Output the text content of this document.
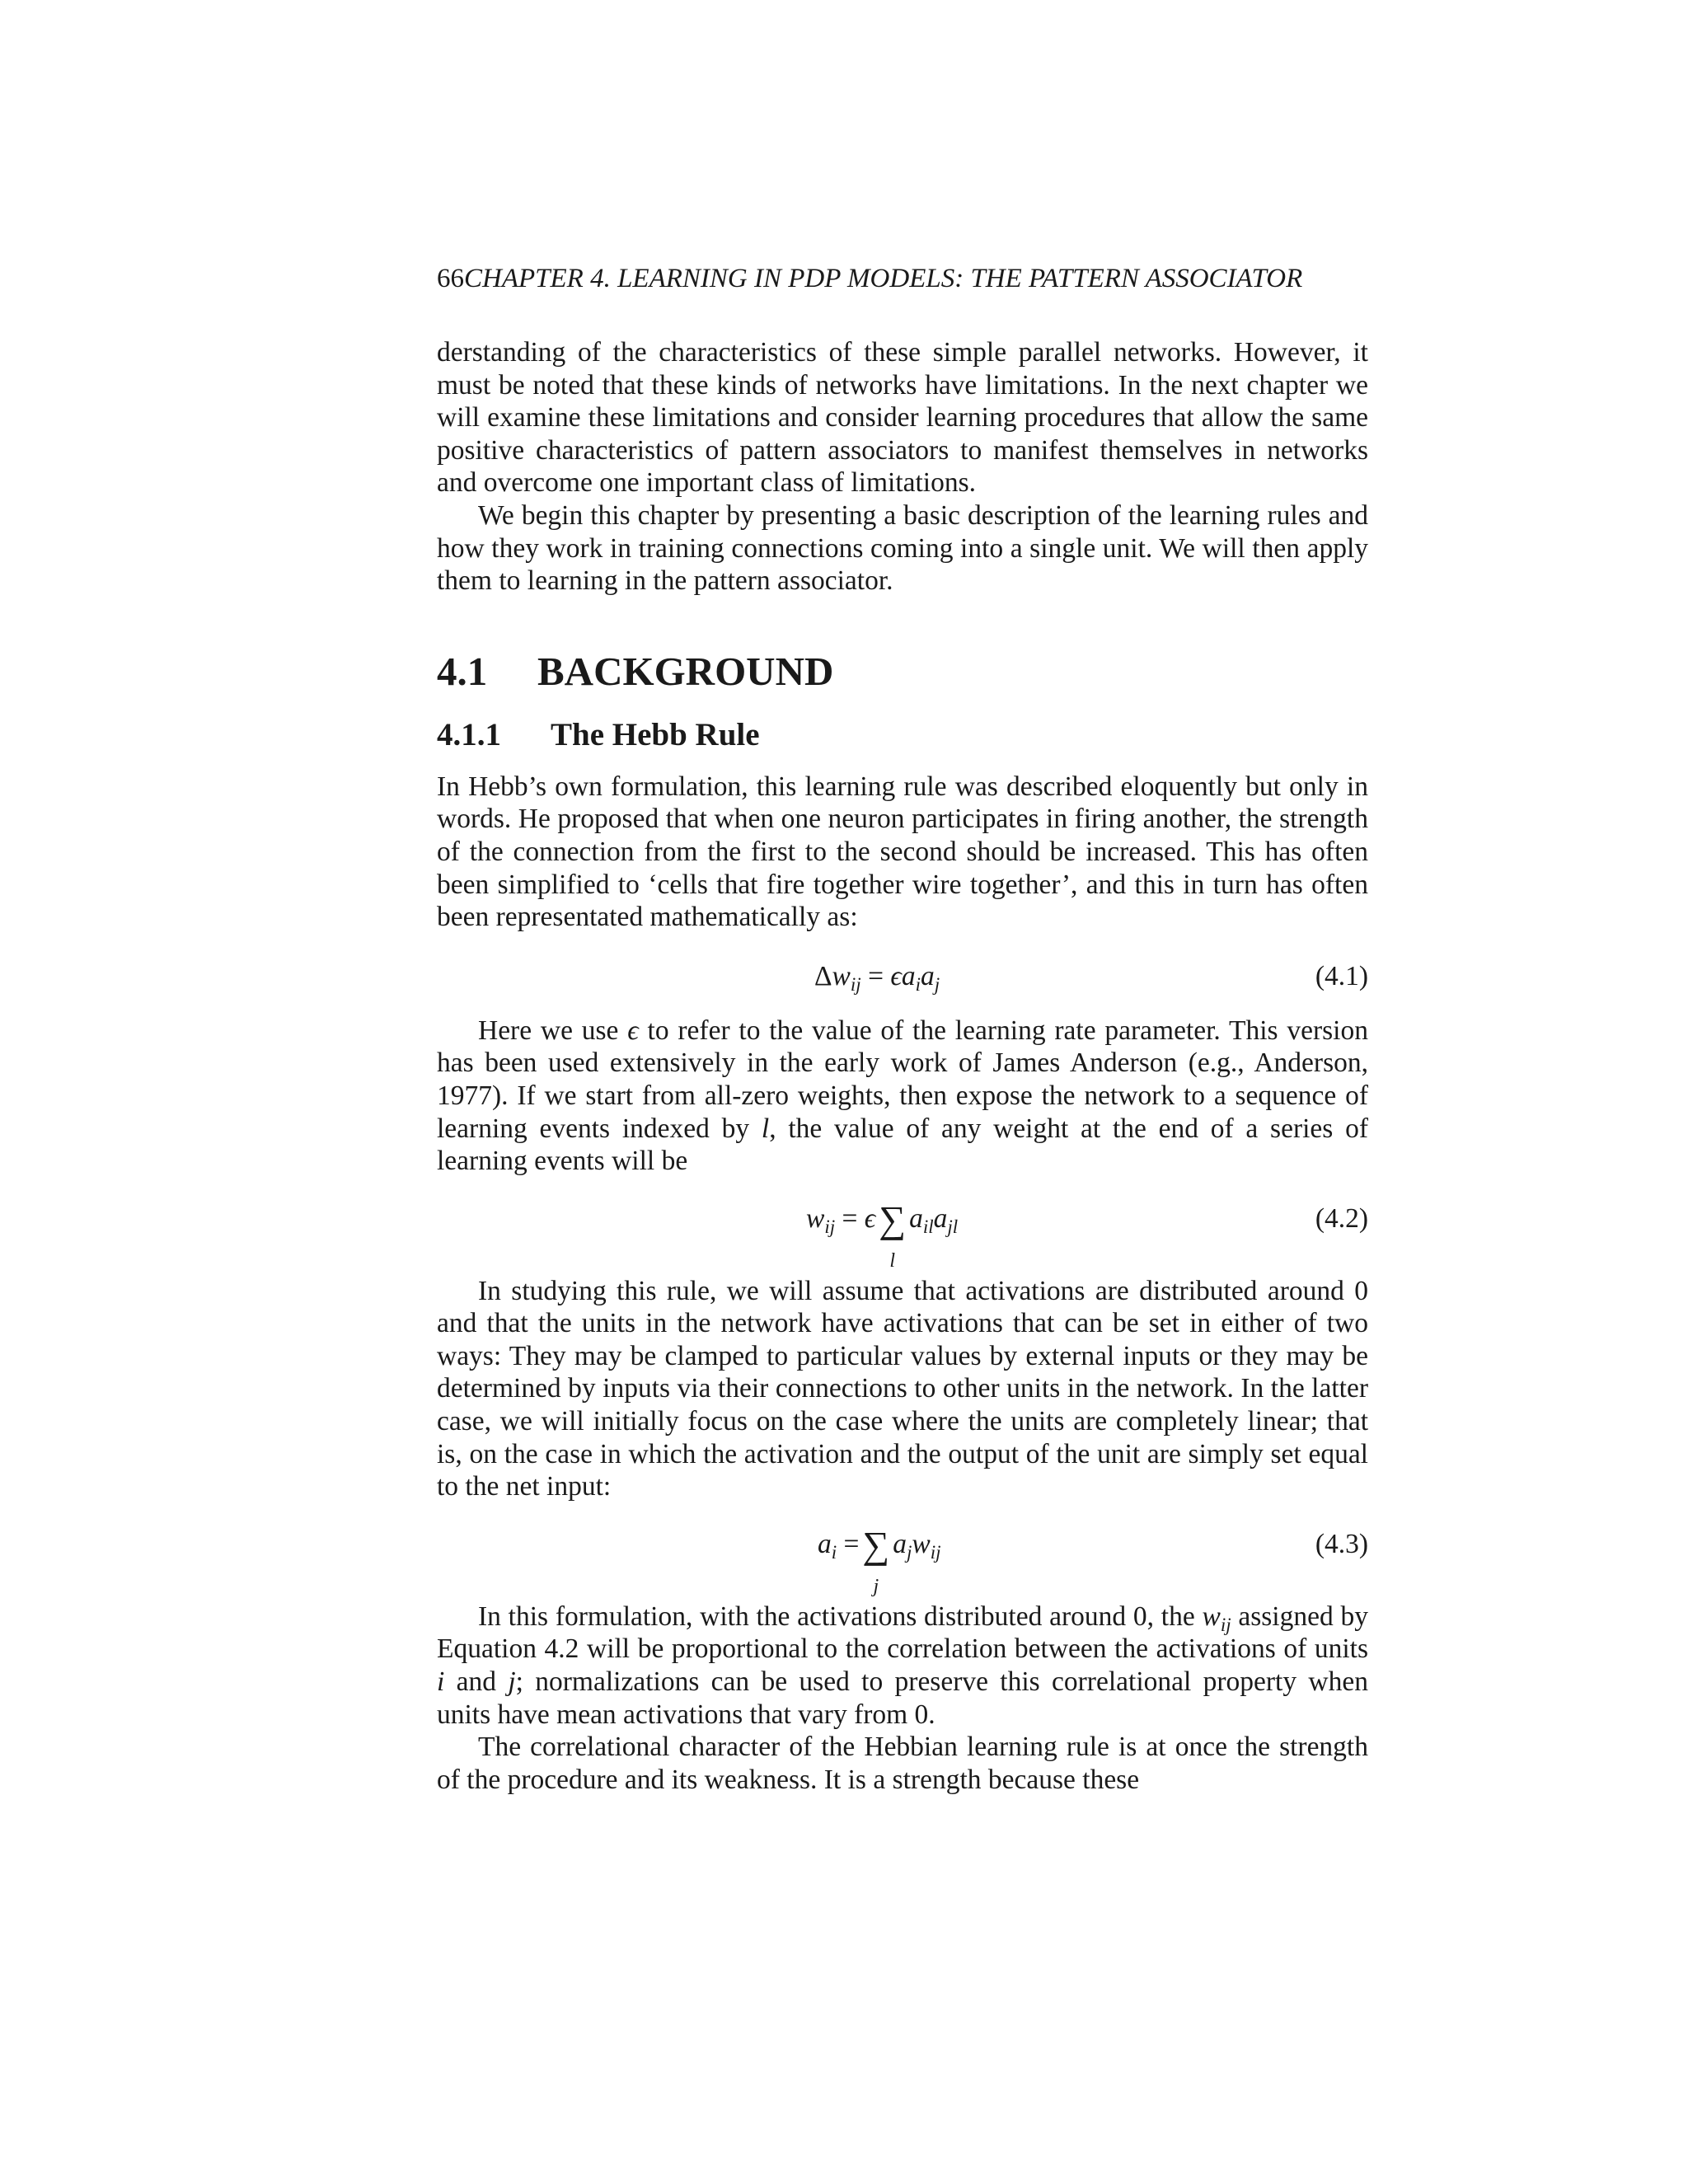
66CHAPTER 4. LEARNING IN PDP MODELS: THE PATTERN ASSOCIATOR

derstanding of the characteristics of these simple parallel networks. However, it must be noted that these kinds of networks have limitations. In the next chapter we will examine these limitations and consider learning procedures that allow the same positive characteristics of pattern associators to manifest themselves in networks and overcome one important class of limitations.

We begin this chapter by presenting a basic description of the learning rules and how they work in training connections coming into a single unit. We will then apply them to learning in the pattern associator.

4.1 BACKGROUND
4.1.1 The Hebb Rule

In Hebb’s own formulation, this learning rule was described eloquently but only in words. He proposed that when one neuron participates in firing another, the strength of the connection from the first to the second should be increased. This has often been simplified to ‘cells that fire together wire together’, and this in turn has often been representated mathematically as:

$\Delta w_{ij} = \epsilon a_ia_j$	(4.1)

Here we use ϵ to refer to the value of the learning rate parameter. This version has been used extensively in the early work of James Anderson (e.g., Anderson, 1977). If we start from all-zero weights, then expose the network to a sequence of learning events indexed by l, the value of any weight at the end of a series of learning events will be

$w_{ij} = \epsilon\sum$
l
$a_{il}a_{jl}$	(4.2)

In studying this rule, we will assume that activations are distributed around 0 and that the units in the network have activations that can be set in either of two ways: They may be clamped to particular values by external inputs or they may be determined by inputs via their connections to other units in the network. In the latter case, we will initially focus on the case where the units are completely linear; that is, on the case in which the activation and the output of the unit are simply set equal to the net input:

$a_i$ =∑
j
$a_jw_{ij}$	(4.3)

In this formulation, with the activations distributed around 0, the $w_{ij}$ assigned by Equation 4.2 will be proportional to the correlation between the activations of units i and j; normalizations can be used to preserve this correlational property when units have mean activations that vary from 0.

The correlational character of the Hebbian learning rule is at once the strength of the procedure and its weakness. It is a strength because these
